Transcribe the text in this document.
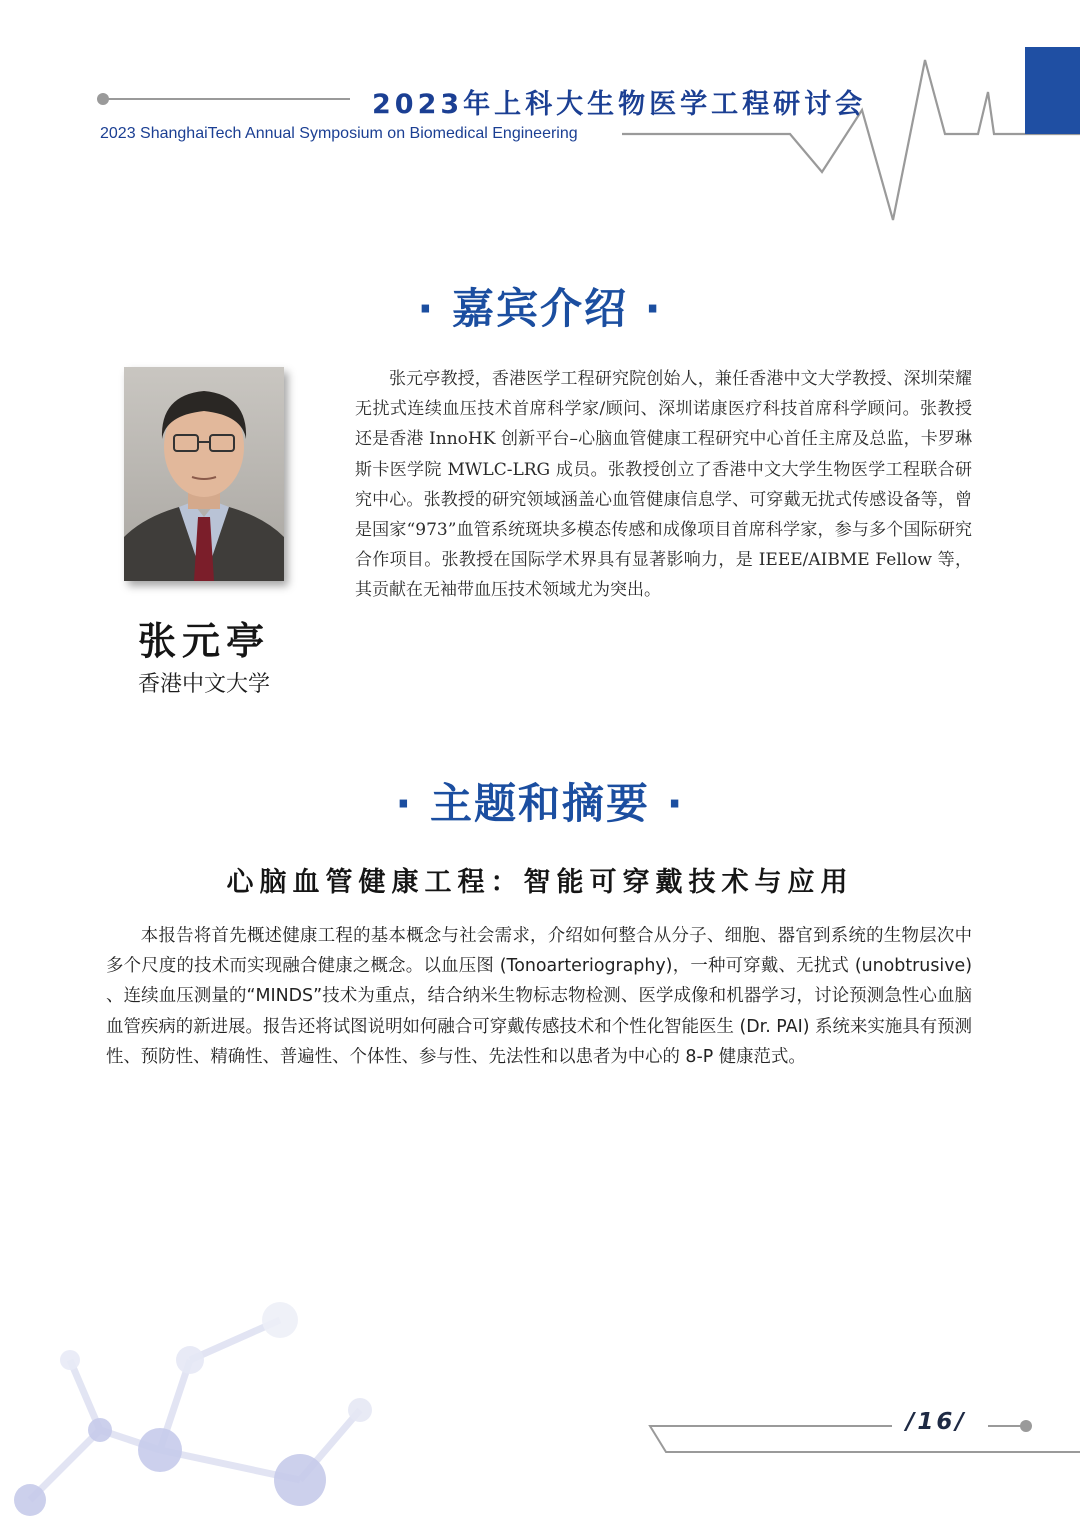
2023年上科大生物医学工程研讨会
2023 ShanghaiTech Annual Symposium on Biomedical Engineering
· 嘉宾介绍 ·
张元亭
香港中文大学

张元亭教授，香港医学工程研究院创始人，兼任香港中文大学教授、深圳荣耀无扰式连续血压技术首席科学家/顾问、深圳诺康医疗科技首席科学顾问。张教授还是香港 InnoHK 创新平台–心脑血管健康工程研究中心首任主席及总监，卡罗琳斯卡医学院 MWLC-LRG 成员。张教授创立了香港中文大学生物医学工程联合研究中心。张教授的研究领域涵盖心血管健康信息学、可穿戴无扰式传感设备等，曾是国家“973”血管系统斑块多模态传感和成像项目首席科学家，参与多个国际研究合作项目。张教授在国际学术界具有显著影响力，是 IEEE/AIBME Fellow 等，其贡献在无袖带血压技术领域尤为突出。

· 主题和摘要 ·
心脑血管健康工程：智能可穿戴技术与应用

本报告将首先概述健康工程的基本概念与社会需求，介绍如何整合从分子、细胞、器官到系统的生物层次中多个尺度的技术而实现融合健康之概念。以血压图 (Tonoarteriography)，一种可穿戴、无扰式 (unobtrusive) 、连续血压测量的“MINDS”技术为重点，结合纳米生物标志物检测、医学成像和机器学习，讨论预测急性心血脑血管疾病的新进展。报告还将试图说明如何融合可穿戴传感技术和个性化智能医生 (Dr. PAI) 系统来实施具有预测性、预防性、精确性、普遍性、个体性、参与性、先法性和以患者为中心的 8-P 健康范式。

/16/
